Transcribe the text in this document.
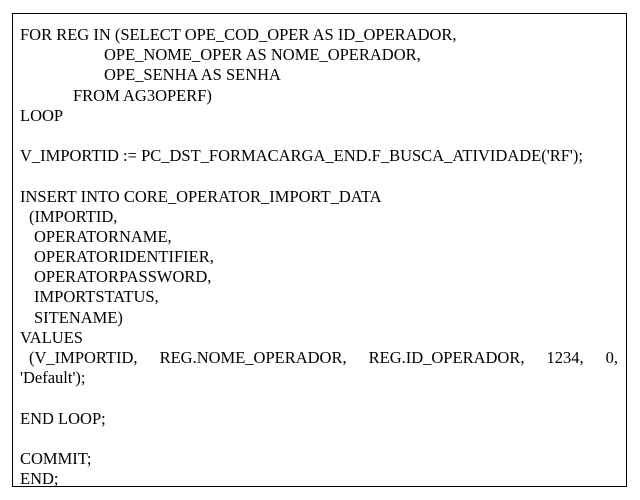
FOR REG IN (SELECT OPE_COD_OPER AS ID_OPERADOR,
OPE_NOME_OPER AS NOME_OPERADOR,
OPE_SENHA AS SENHA
FROM AG3OPERF)
LOOP
V_IMPORTID := PC_DST_FORMACARGA_END.F_BUSCA_ATIVIDADE('RF');
INSERT INTO CORE_OPERATOR_IMPORT_DATA
(IMPORTID,
OPERATORNAME,
OPERATORIDENTIFIER,
OPERATORPASSWORD,
IMPORTSTATUS,
SITENAME)
VALUES
(V_IMPORTID, REG.NOME_OPERADOR, REG.ID_OPERADOR, 1234, 0,
'Default');
END LOOP;
COMMIT;
END;
